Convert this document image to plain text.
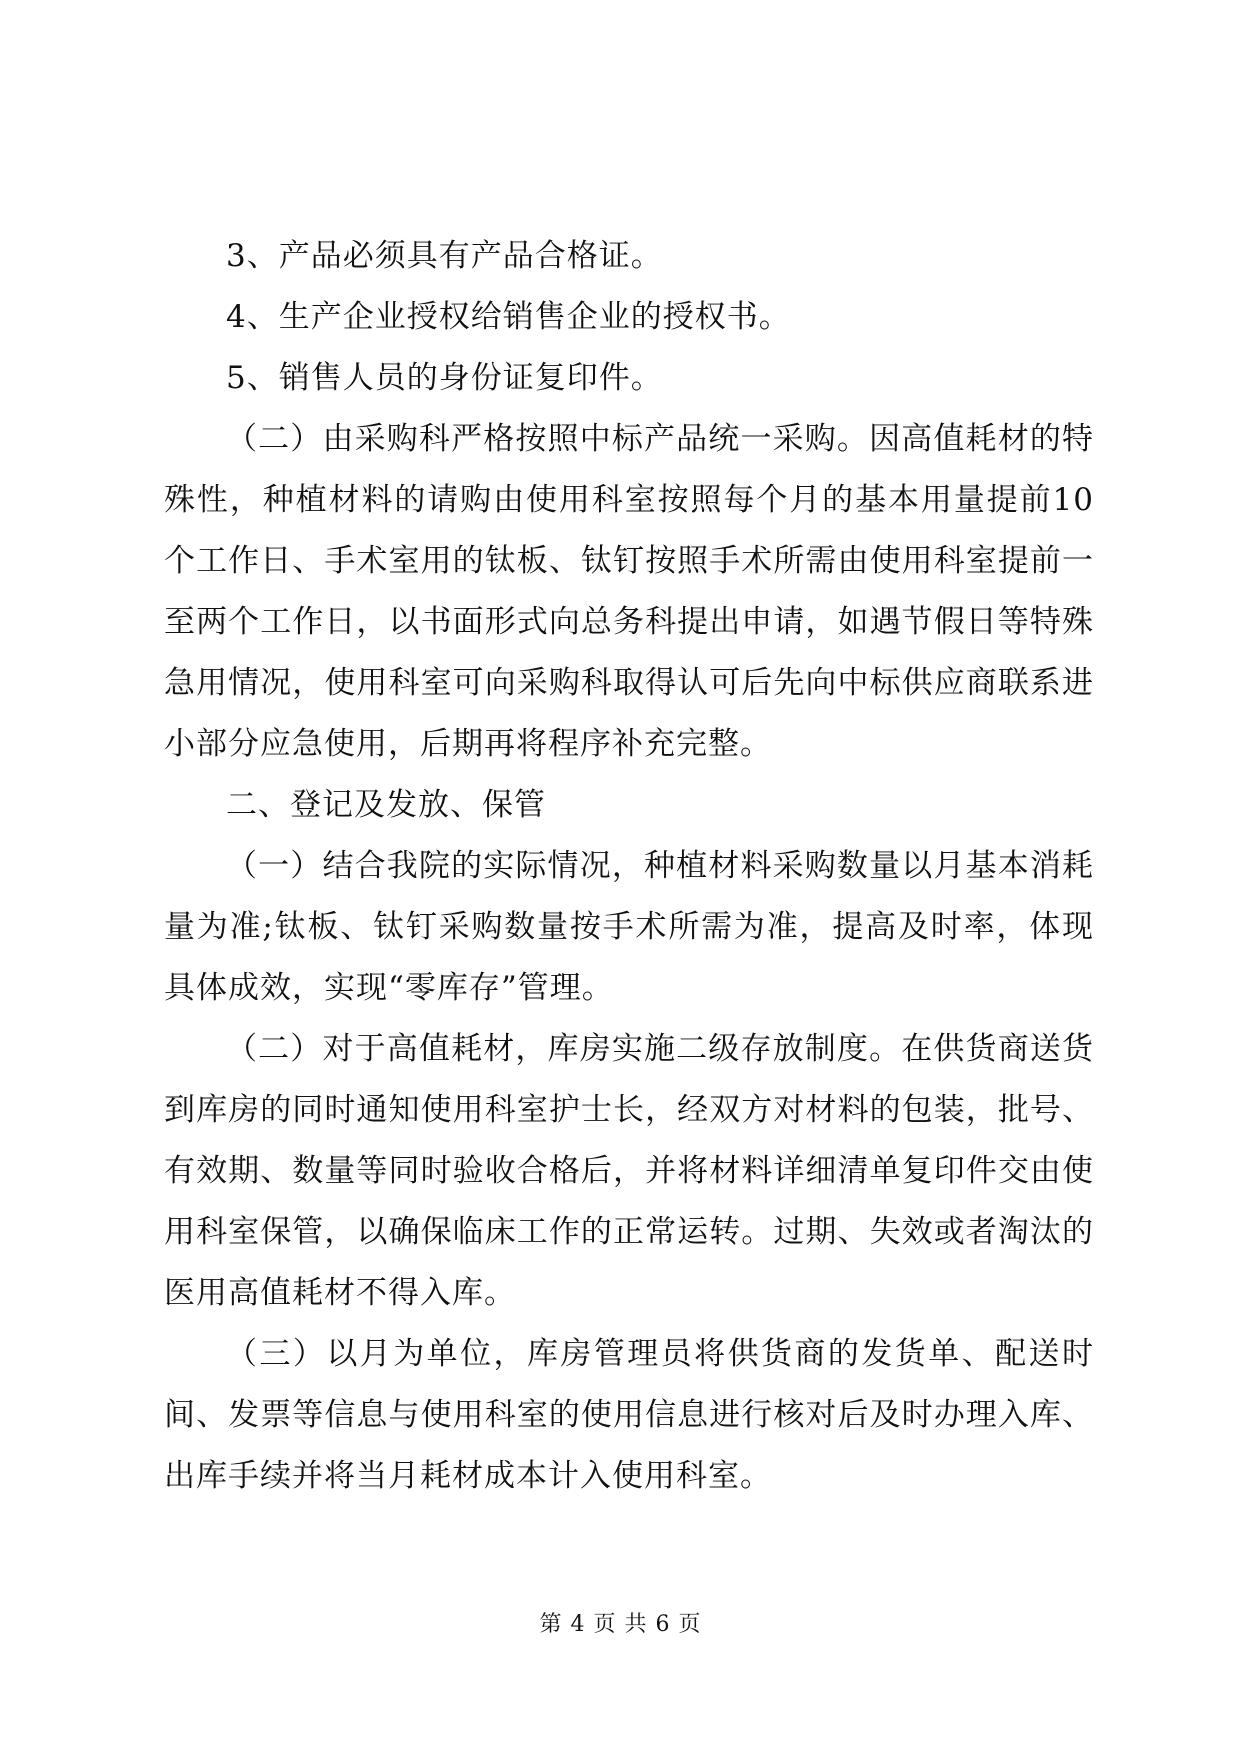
3、产品必须具有产品合格证。

4、生产企业授权给销售企业的授权书。

5、销售人员的身份证复印件。

（二）由采购科严格按照中标产品统一采购。因高值耗材的特殊性，种植材料的请购由使用科室按照每个月的基本用量提前10个工作日、手术室用的钛板、钛钉按照手术所需由使用科室提前一至两个工作日，以书面形式向总务科提出申请，如遇节假日等特殊急用情况，使用科室可向采购科取得认可后先向中标供应商联系进小部分应急使用，后期再将程序补充完整。

二、登记及发放、保管

（一）结合我院的实际情况，种植材料采购数量以月基本消耗量为准;钛板、钛钉采购数量按手术所需为准，提高及时率，体现具体成效，实现“零库存”管理。

（二）对于高值耗材，库房实施二级存放制度。在供货商送货到库房的同时通知使用科室护士长，经双方对材料的包装，批号、有效期、数量等同时验收合格后，并将材料详细清单复印件交由使用科室保管，以确保临床工作的正常运转。过期、失效或者淘汰的医用高值耗材不得入库。

（三）以月为单位，库房管理员将供货商的发货单、配送时间、发票等信息与使用科室的使用信息进行核对后及时办理入库、出库手续并将当月耗材成本计入使用科室。

第 4 页 共 6 页
